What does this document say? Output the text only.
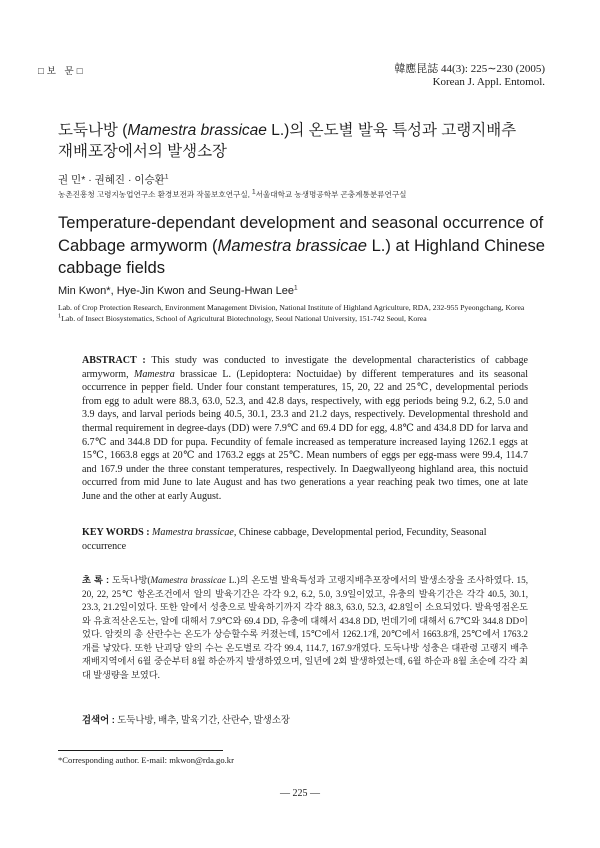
□보 문□	韓應昆誌 44(3): 225∼230 (2005)
Korean J. Appl. Entomol.
도둑나방 (Mamestra brassicae L.)의 온도별 발육 특성과 고랭지배추
재배포장에서의 발생소장
권 민* · 권혜진 · 이승환$^1$
농촌진흥청 고령지농업연구소 환경보전과 작물보호연구실, 1서울대학교 농생명공학부 곤충계통분류연구실
Temperature-dependant development and seasonal occurrence of
Cabbage armyworm (Mamestra brassicae L.) at Highland Chinese
cabbage fields
Min Kwon*, Hye-Jin Kwon and Seung-Hwan Lee$^1$
Lab. of Crop Protection Research, Environment Management Division, National Institute of Highland Agriculture, RDA, 232-955 Pyeongchang, Korea
$^1$Lab. of Insect Biosystematics, School of Agricultural Biotechnology, Seoul National University, 151-742 Seoul, Korea
ABSTRACT : This study was conducted to investigate the developmental characteristics of cabbage armyworm, Mamestra brassicae L. (Lepidoptera: Noctuidae) by different temperatures and its seasonal occurrence in pepper field. Under four constant temperatures, 15, 20, 22 and 25℃, developmental periods from egg to adult were 88.3, 63.0, 52.3, and 42.8 days, respectively, with egg periods being 9.2, 6.2, 5.0 and 3.9 days, and larval periods being 40.5, 30.1, 23.3 and 21.2 days, respectively. Developmental threshold and thermal requirement in degree-days (DD) were 7.9℃ and 69.4 DD for egg, 4.8℃ and 434.8 DD for larva and 6.7℃ and 344.8 DD for pupa. Fecundity of female increased as temperature increased laying 1262.1 eggs at 15℃, 1663.8 eggs at 20℃ and 1763.2 eggs at 25℃. Mean numbers of eggs per egg-mass were 99.4, 114.7 and 167.9 under the three constant temperatures, respectively. In Daegwallyeong highland area, this noctuid occurred from mid June to late August and has two generations a year reaching peak two times, one at late June and the other at early August.
KEY WORDS : Mamestra brassicae, Chinese cabbage, Developmental period, Fecundity, Seasonal occurrence
초 록 : 도둑나방(Mamestra brassicae L.)의 온도별 발육특성과 고랭지배추포장에서의 발생소장을 조사하였다. 15, 20, 22, 25℃ 항온조건에서 알의 발육기간은 각각 9.2, 6.2, 5.0, 3.9일이었고, 유충의 발육기간은 각각 40.5, 30.1, 23.3, 21.2일이었다. 또한 알에서 성충으로 발육하기까지 각각 88.3, 63.0, 52.3, 42.8일이 소요되었다. 발육영점온도와 유효적산온도는, 알에 대해서 7.9℃와 69.4 DD, 유충에 대해서 434.8 DD, 번데기에 대해서 6.7℃와 344.8 DD이었다. 암컷의 총 산란수는 온도가 상승할수록 커졌는데, 15℃에서 1262.1개, 20℃에서 1663.8개, 25℃에서 1763.2개를 낳았다. 또한 난괴당 알의 수는 온도별로 각각 99.4, 114.7, 167.9개였다. 도둑나방 성충은 대관령 고랭지 배추재배지역에서 6월 중순부터 8월 하순까지 발생하였으며, 일년에 2회 발생하였는데, 6월 하순과 8월 초순에 각각 최대 발생량을 보였다.
검색어 : 도둑나방, 배추, 발육기간, 산란수, 발생소장
*Corresponding author. E-mail: mkwon@rda.go.kr
— 225 —
